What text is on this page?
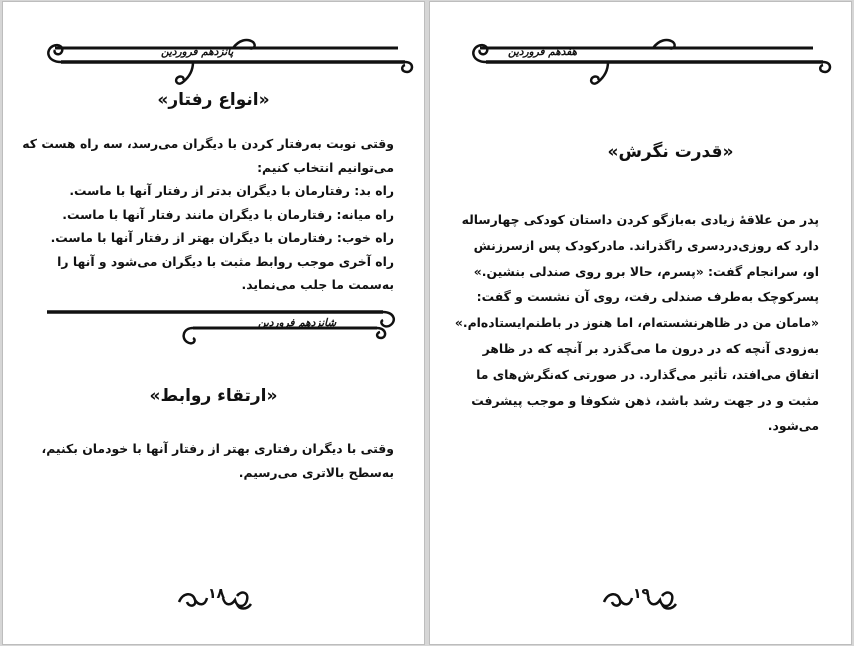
پانزدهم فروردین
«انواع رفتار»

وقتی نوبت به‌رفتار کردن با دیگران می‌رسد، سه راه هست که

می‌توانیم انتخاب کنیم:

راه بد: رفتارمان با دیگران بدتر از رفتار آنها با ماست.

راه میانه: رفتارمان با دیگران مانند رفتار آنها با ماست.

راه خوب: رفتارمان با دیگران بهتر از رفتار آنها با ماست.

راه آخری موجب روابط مثبت با دیگران می‌شود و آنها را

به‌سمت ما جلب می‌نماید.

شانزدهم فروردین
«ارتقاء روابط»

وقتی با دیگران رفتاری بهتر از رفتار آنها با خودمان بکنیم،

به‌سطح بالاتری می‌رسیم.

۱۸
هفدهم فروردین
«قدرت نگرش»

پدر من علاقهٔ زیادی به‌بازگو کردن داستان کودکی چهارساله

دارد که روزی‌دردسری راگذراند. مادرکودک پس ازسرزنش

او، سرانجام گفت: «پسرم، حالا برو روی صندلی بنشین.»

پسرکوچک به‌طرف صندلی رفت، روی آن نشست و گفت:

«مامان من در ظاهرنشسته‌ام، اما هنوز در باطنم‌ایستاده‌ام.»

به‌زودی آنچه که در درون ما می‌گذرد بر آنچه که در ظاهر

اتفاق می‌افتد، تأثیر می‌گذارد. در صورتی که‌نگرش‌های ما

مثبت و در جهت رشد باشد، ذهن شکوفا و موجب پیشرفت

می‌شود.

۱۹
